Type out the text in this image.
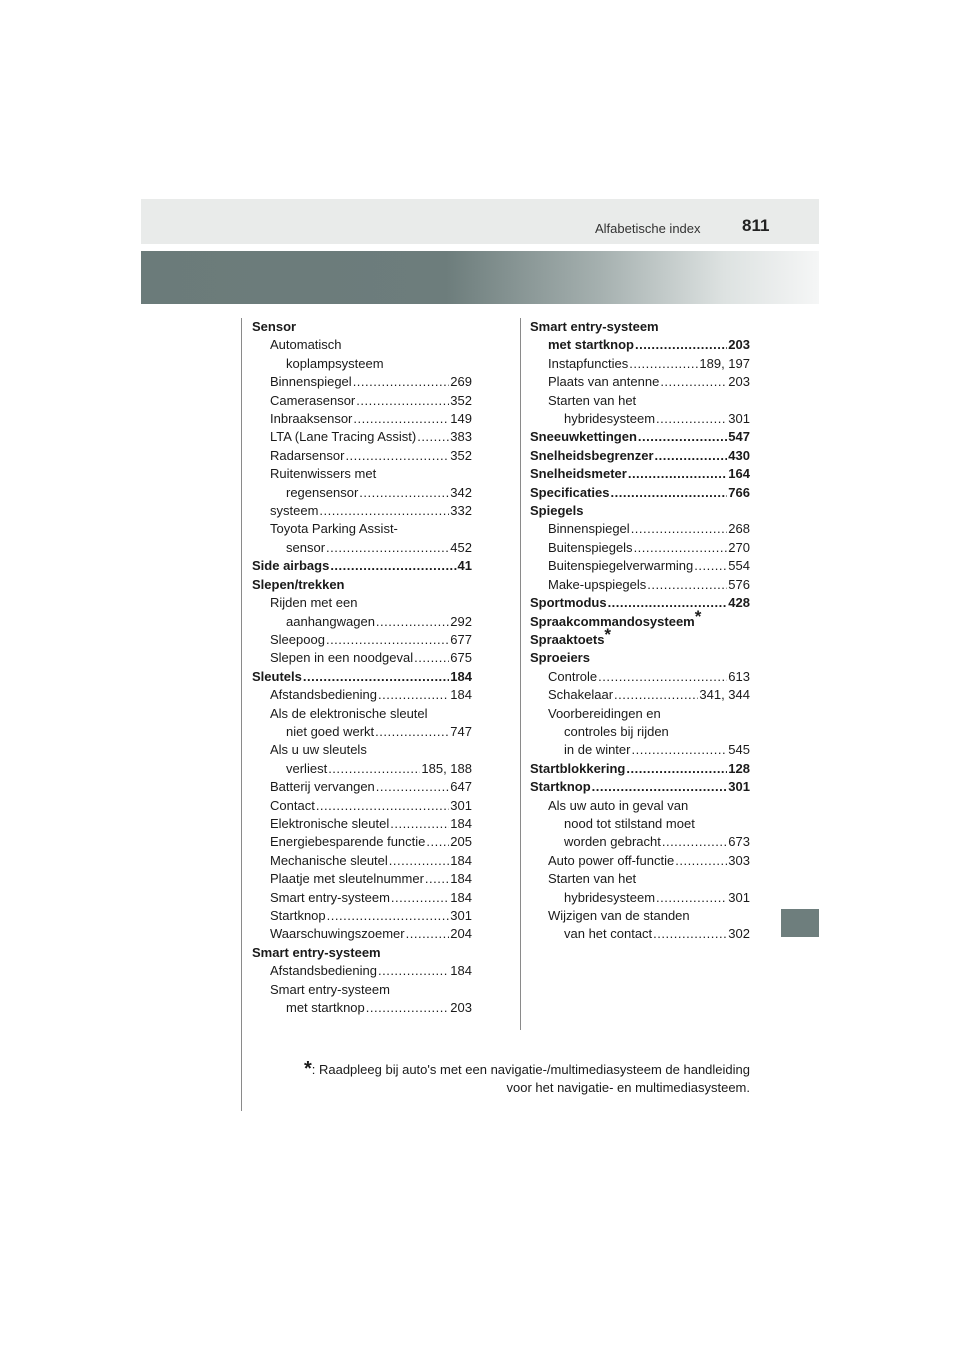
Alfabetische index 811
Sensor
Automatisch
koplampsysteem
Binnenspiegel .....	269
Camerasensor .....	352
Inbraaksensor .....	149
LTA (Lane Tracing Assist) .....	383
Radarsensor .....	352
Ruitenwissers met
regensensor .....	342
systeem .....	332
Toyota Parking Assist-
sensor .....	452
Side airbags .....	41
Slepen/trekken
Rijden met een
aanhangwagen .....	292
Sleepoog .....	677
Slepen in een noodgeval .....	675
Sleutels .....	184
Afstandsbediening .....	184
Als de elektronische sleutel
niet goed werkt .....	747
Als u uw sleutels
verliest .....	185, 188
Batterij vervangen .....	647
Contact .....	301
Elektronische sleutel .....	184
Energiebesparende functie ..... 205
Mechanische sleutel .....	184
Plaatje met sleutelnummer ..... 184
Smart entry-systeem .....	184
Startknop .....	301
Waarschuwingszoemer .....	204
Smart entry-systeem
Afstandsbediening .....	184
Smart entry-systeem
met startknop .....	203
Smart entry-systeem
met startknop .....	203
Instapfuncties .....	189, 197
Plaats van antenne .....	203
Starten van het
hybridesysteem .....	301
Sneeuwkettingen .....	547
Snelheidsbegrenzer .....	430
Snelheidsmeter .....	164
Specificaties .....	766
Spiegels
Binnenspiegel .....	268
Buitenspiegels .....	270
Buitenspiegelverwarming .....	554
Make-upspiegels .....	576
Sportmodus .....	428
Spraakcommandosysteem*
Spraaktoets*
Sproeiers
Controle .....	613
Schakelaar .....	341, 344
Voorbereidingen en
controles bij rijden
in de winter .....	545
Startblokkering .....	128
Startknop .....	301
Als uw auto in geval van
nood tot stilstand moet
worden gebracht .....	673
Auto power off-functie .....	303
Starten van het
hybridesysteem .....	301
Wijzigen van de standen
van het contact .....	302
*: Raadpleeg bij auto's met een navigatie-/multimediasysteem de handleiding
voor het navigatie- en multimediasysteem.
